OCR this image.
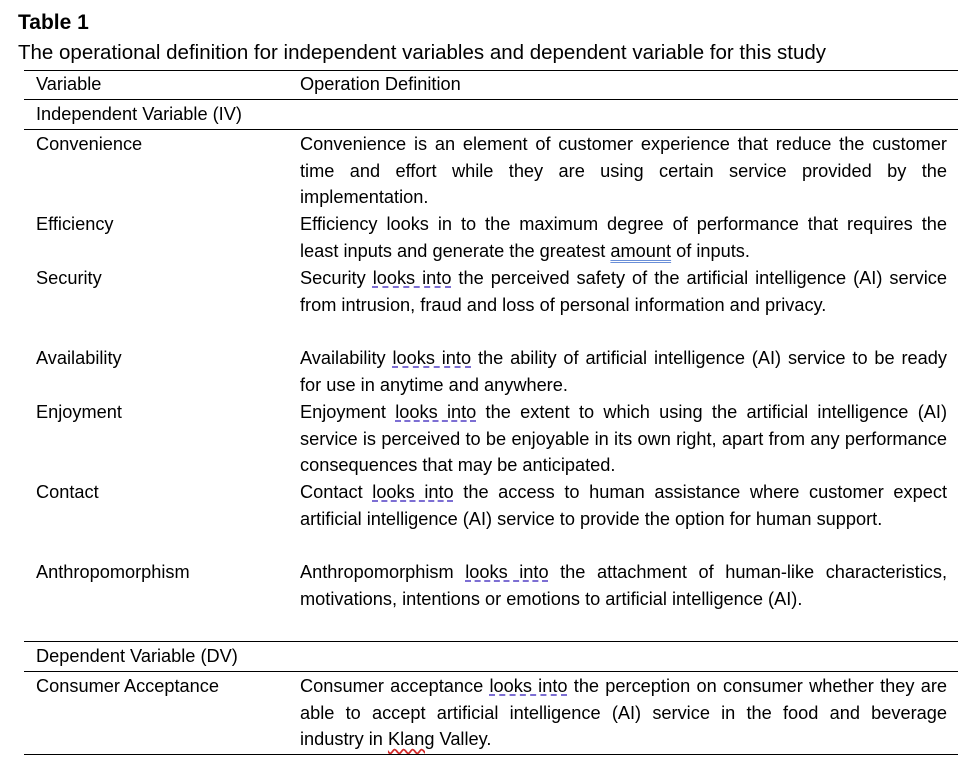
Table 1
The operational definition for independent variables and dependent variable for this study
Variable	Operation Definition
Independent Variable (IV)
Convenience	Convenience is an element of customer experience that reduce the customer time and effort while they are using certain service provided by the implementation.

Efficiency	Efficiency looks in to the maximum degree of performance that requires the least inputs and generate the greatest amount of inputs.

Security	Security looks into the perceived safety of the artificial intelligence (AI) service from intrusion, fraud and loss of personal information and privacy.

Availability	Availability looks into the ability of artificial intelligence (AI) service to be ready for use in anytime and anywhere.

Enjoyment	Enjoyment looks into the extent to which using the artificial intelligence (AI) service is perceived to be enjoyable in its own right, apart from any performance consequences that may be anticipated.

Contact	Contact looks into the access to human assistance where customer expect artificial intelligence (AI) service to provide the option for human support.

Anthropomorphism	Anthropomorphism looks into the attachment of human-like characteristics, motivations, intentions or emotions to artificial intelligence (AI).

Dependent Variable (DV)
Consumer Acceptance	Consumer acceptance looks into the perception on consumer whether they are able to accept artificial intelligence (AI) service in the food and beverage industry in Klang Valley.
